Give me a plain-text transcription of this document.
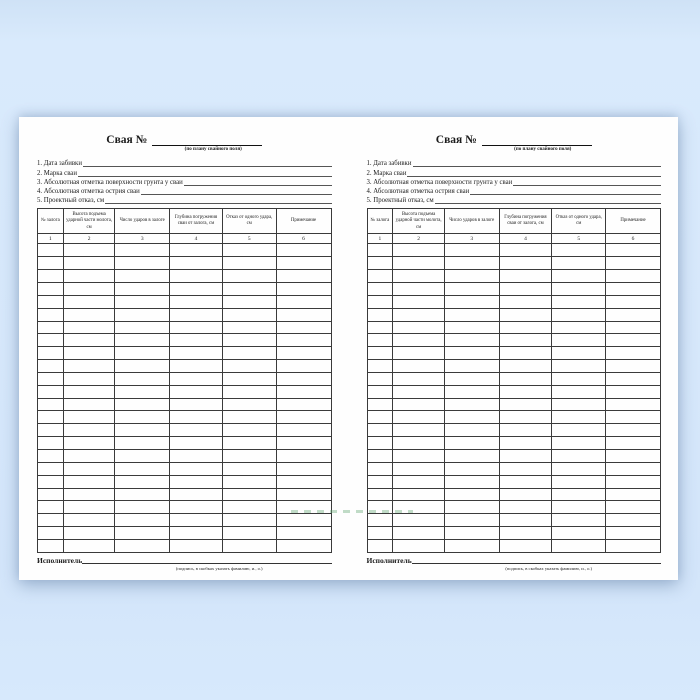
Свая №
(по плану свайного поля)
1. Дата забивки
2. Марка сваи
3. Абсолютная отметка поверхности грунта у сваи
4. Абсолютная отметка острия сваи
5. Проектный отказ, см
№ залога	Высота подъема ударной части молота, см	Число ударов в залоге	Глубина погружения сваи от залога, см	Отказ от одного удара, см	Примечание
1	2	3	4	5	6

Исполнитель
(подпись, в скобках указать фамилию, и., о.)
Свая №
(по плану свайного поля)
1. Дата забивки
2. Марка сваи
3. Абсолютная отметка поверхности грунта у сваи
4. Абсолютная отметка острия сваи
5. Проектный отказ, см
№ залога	Высота подъема ударной части молота, см	Число ударов в залоге	Глубина погружения сваи от залога, см	Отказ от одного удара, см	Примечание
1	2	3	4	5	6

Исполнитель
(подпись, в скобках указать фамилию, и., о.)
